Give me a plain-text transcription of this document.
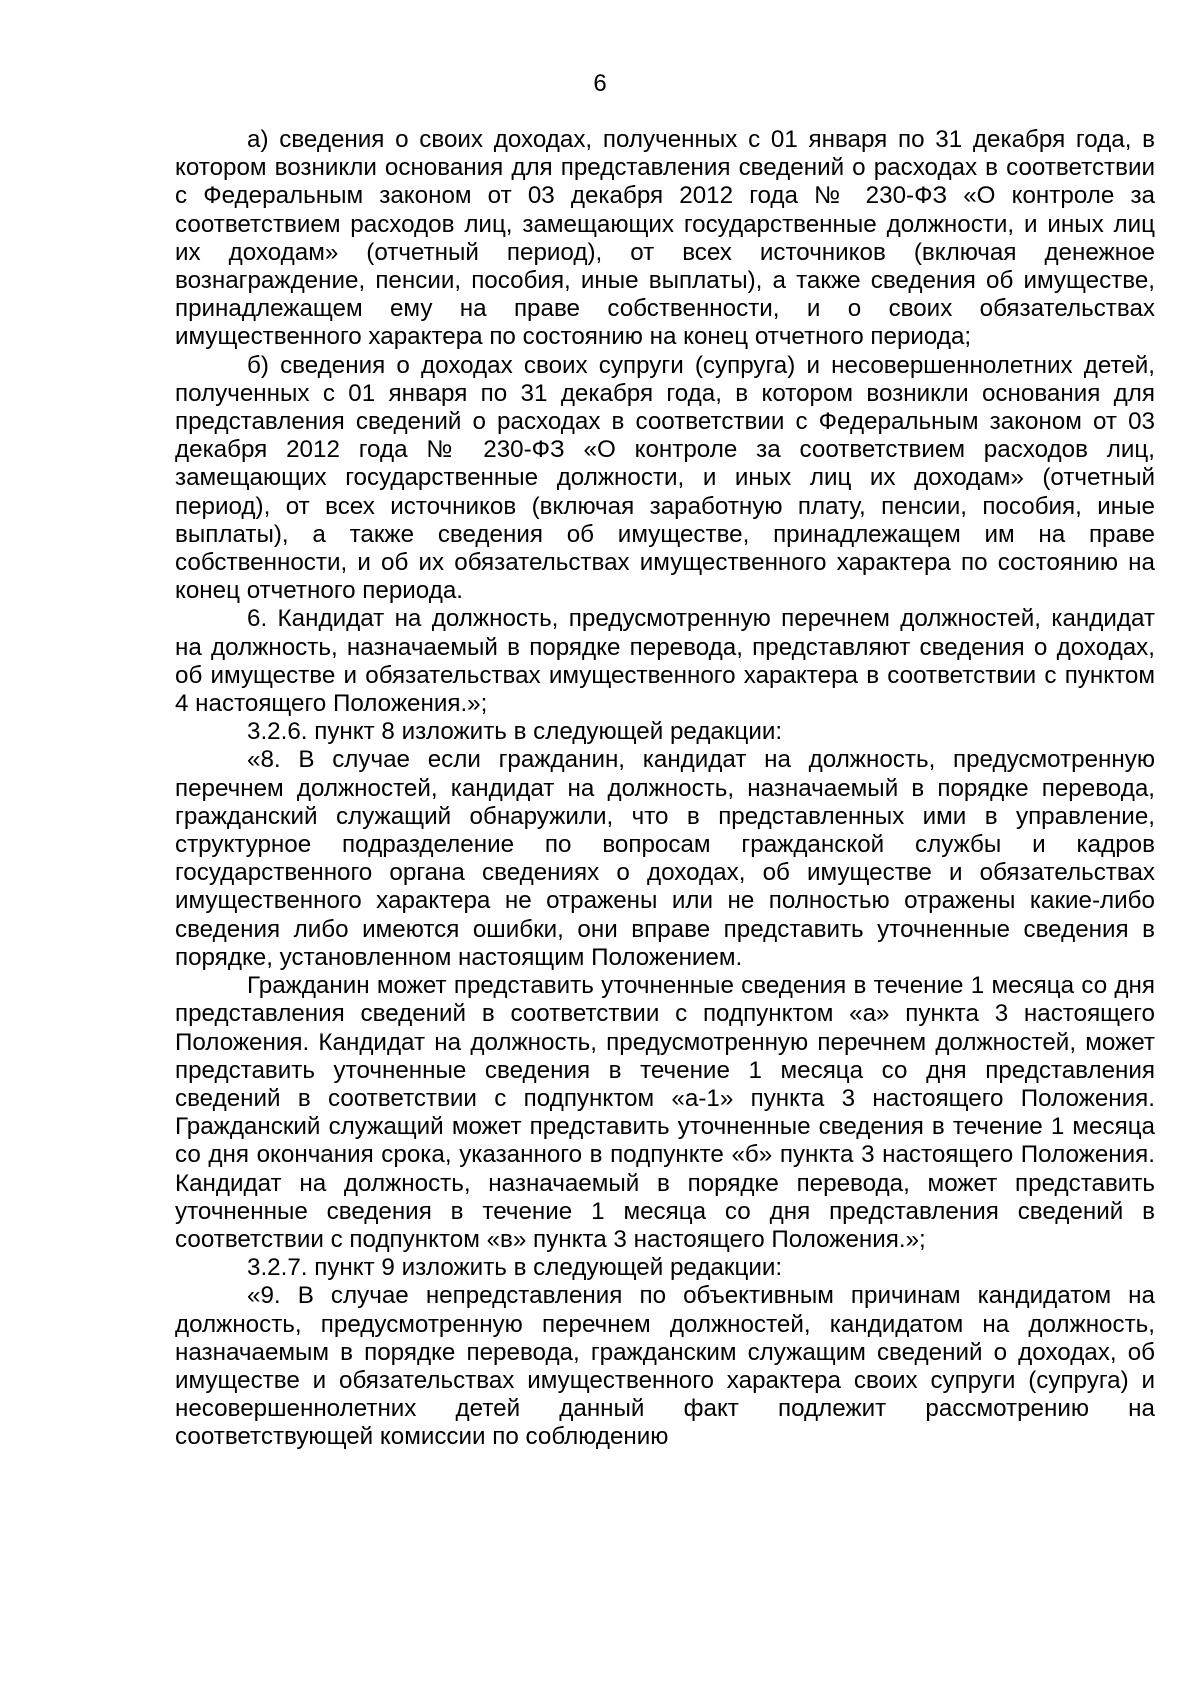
6

а) сведения о своих доходах, полученных с 01 января по 31 декабря года, в котором возникли основания для представления сведений о расходах в соответствии с Федеральным законом от 03 декабря 2012 года № 230-ФЗ «О контроле за соответствием расходов лиц, замещающих государственные должности, и иных лиц их доходам» (отчетный период), от всех источников (включая денежное вознаграждение, пенсии, пособия, иные выплаты), а также сведения об имуществе, принадлежащем ему на праве собственности, и о своих обязательствах имущественного характера по состоянию на конец отчетного периода;

б) сведения о доходах своих супруги (супруга) и несовершеннолетних детей, полученных с 01 января по 31 декабря года, в котором возникли основания для представления сведений о расходах в соответствии с Федеральным законом от 03 декабря 2012 года № 230-ФЗ «О контроле за соответствием расходов лиц, замещающих государственные должности, и иных лиц их доходам» (отчетный период), от всех источников (включая заработную плату, пенсии, пособия, иные выплаты), а также сведения об имуществе, принадлежащем им на праве собственности, и об их обязательствах имущественного характера по состоянию на конец отчетного периода.

6. Кандидат на должность, предусмотренную перечнем должностей, кандидат на должность, назначаемый в порядке перевода, представляют сведения о доходах, об имуществе и обязательствах имущественного характера в соответствии с пунктом 4 настоящего Положения.»;

3.2.6. пункт 8 изложить в следующей редакции:

«8. В случае если гражданин, кандидат на должность, предусмотренную перечнем должностей, кандидат на должность, назначаемый в порядке перевода, гражданский служащий обнаружили, что в представленных ими в управление, структурное подразделение по вопросам гражданской службы и кадров государственного органа сведениях о доходах, об имуществе и обязательствах имущественного характера не отражены или не полностью отражены какие-либо сведения либо имеются ошибки, они вправе представить уточненные сведения в порядке, установленном настоящим Положением.

Гражданин может представить уточненные сведения в течение 1 месяца со дня представления сведений в соответствии с подпунктом «а» пункта 3 настоящего Положения. Кандидат на должность, предусмотренную перечнем должностей, может представить уточненные сведения в течение 1 месяца со дня представления сведений в соответствии с подпунктом «а-1» пункта 3 настоящего Положения. Гражданский служащий может представить уточненные сведения в течение 1 месяца со дня окончания срока, указанного в подпункте «б» пункта 3 настоящего Положения. Кандидат на должность, назначаемый в порядке перевода, может представить уточненные сведения в течение 1 месяца со дня представления сведений в соответствии с подпунктом «в» пункта 3 настоящего Положения.»;

3.2.7. пункт 9 изложить в следующей редакции:

«9. В случае непредставления по объективным причинам кандидатом на должность, предусмотренную перечнем должностей, кандидатом на должность, назначаемым в порядке перевода, гражданским служащим сведений о доходах, об имуществе и обязательствах имущественного характера своих супруги (супруга) и несовершеннолетних детей данный факт подлежит рассмотрению на соответствующей комиссии по соблюдению
